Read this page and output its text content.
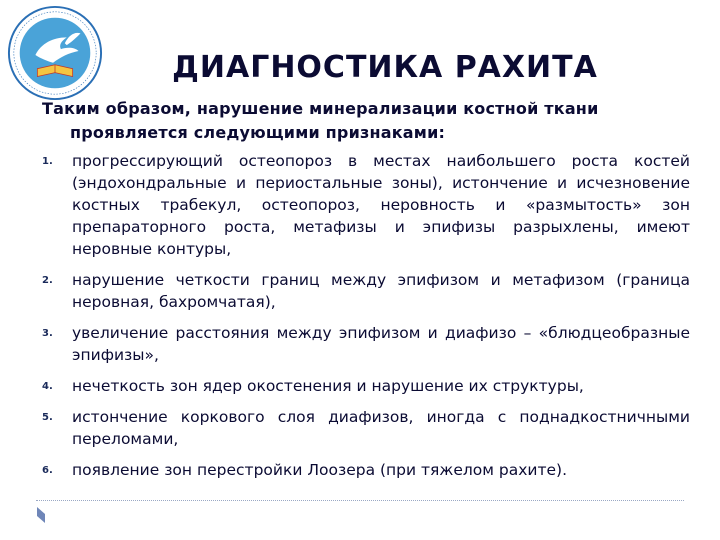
ДИАГНОСТИКА РАХИТА

Таким образом, нарушение минерализации костной ткани проявляется следующими признаками:

1. прогрессирующий остеопороз в местах наибольшего роста костей (эндохондральные и периостальные зоны), истончение и исчезновение костных трабекул, остеопороз, неровность и «размытость» зон препараторного роста, метафизы и эпифизы разрыхлены, имеют неровные контуры,
2. нарушение четкости границ между эпифизом и метафизом (граница неровная, бахромчатая),
3. увеличение расстояния между эпифизом и диафизо – «блюдцеобразные эпифизы»,
4. нечеткость зон ядер окостенения и нарушение их структуры,
5. истончение коркового слоя диафизов, иногда с поднадкостничными переломами,
6. появление зон перестройки Лоозера (при тяжелом рахите).
